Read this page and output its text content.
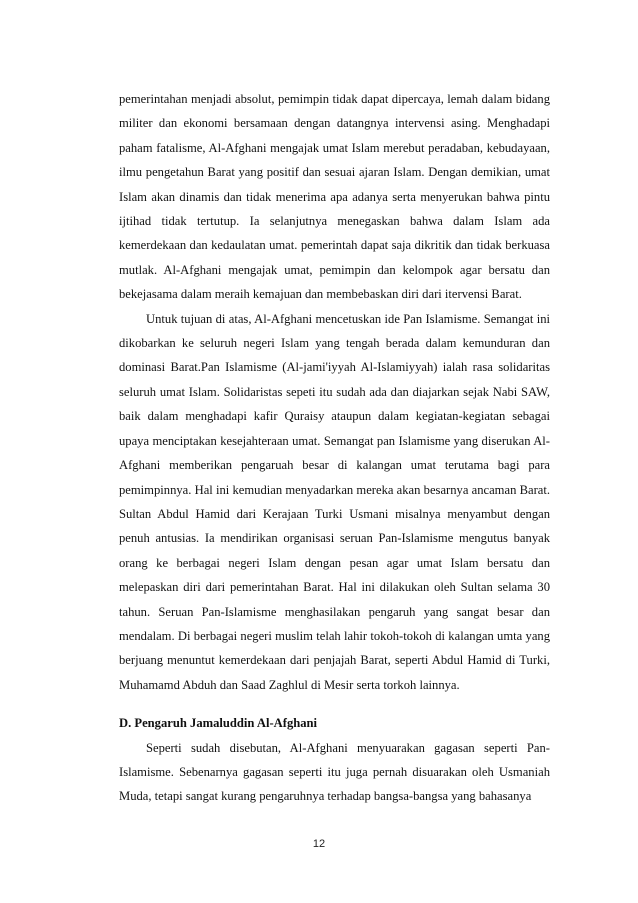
pemerintahan menjadi absolut, pemimpin tidak dapat dipercaya, lemah dalam bidang militer dan ekonomi bersamaan dengan datangnya intervensi asing. Menghadapi paham fatalisme, Al-Afghani mengajak umat Islam merebut peradaban, kebudayaan, ilmu pengetahun Barat yang positif dan sesuai ajaran Islam. Dengan demikian, umat Islam akan dinamis dan tidak menerima apa adanya serta menyerukan bahwa pintu ijtihad tidak tertutup. Ia selanjutnya menegaskan bahwa dalam Islam ada kemerdekaan dan kedaulatan umat. pemerintah dapat saja dikritik dan tidak berkuasa mutlak. Al-Afghani mengajak umat, pemimpin dan kelompok agar bersatu dan bekejasama dalam meraih kemajuan dan membebaskan diri dari itervensi Barat.

Untuk tujuan di atas, Al-Afghani mencetuskan ide Pan Islamisme. Semangat ini dikobarkan ke seluruh negeri Islam yang tengah berada dalam kemunduran dan dominasi Barat.Pan Islamisme (Al-jami'iyyah Al-Islamiyyah) ialah rasa solidaritas seluruh umat Islam. Solidaristas sepeti itu sudah ada dan diajarkan sejak Nabi SAW, baik dalam menghadapi kafir Quraisy ataupun dalam kegiatan-kegiatan sebagai upaya menciptakan kesejahteraan umat. Semangat pan Islamisme yang diserukan Al-Afghani memberikan pengaruah besar di kalangan umat terutama bagi para pemimpinnya. Hal ini kemudian menyadarkan mereka akan besarnya ancaman Barat. Sultan Abdul Hamid dari Kerajaan Turki Usmani misalnya menyambut dengan penuh antusias. Ia mendirikan organisasi seruan Pan-Islamisme mengutus banyak orang ke berbagai negeri Islam dengan pesan agar umat Islam bersatu dan melepaskan diri dari pemerintahan Barat. Hal ini dilakukan oleh Sultan selama 30 tahun. Seruan Pan-Islamisme menghasilakan pengaruh yang sangat besar dan mendalam. Di berbagai negeri muslim telah lahir tokoh-tokoh di kalangan umta yang berjuang menuntut kemerdekaan dari penjajah Barat, seperti Abdul Hamid di Turki, Muhamamd Abduh dan Saad Zaghlul di Mesir serta torkoh lainnya.

D. Pengaruh Jamaluddin Al-Afghani

Seperti sudah disebutan, Al-Afghani menyuarakan gagasan seperti Pan-Islamisme. Sebenarnya gagasan seperti itu juga pernah disuarakan oleh Usmaniah Muda, tetapi sangat kurang pengaruhnya terhadap bangsa-bangsa yang bahasanya

12
